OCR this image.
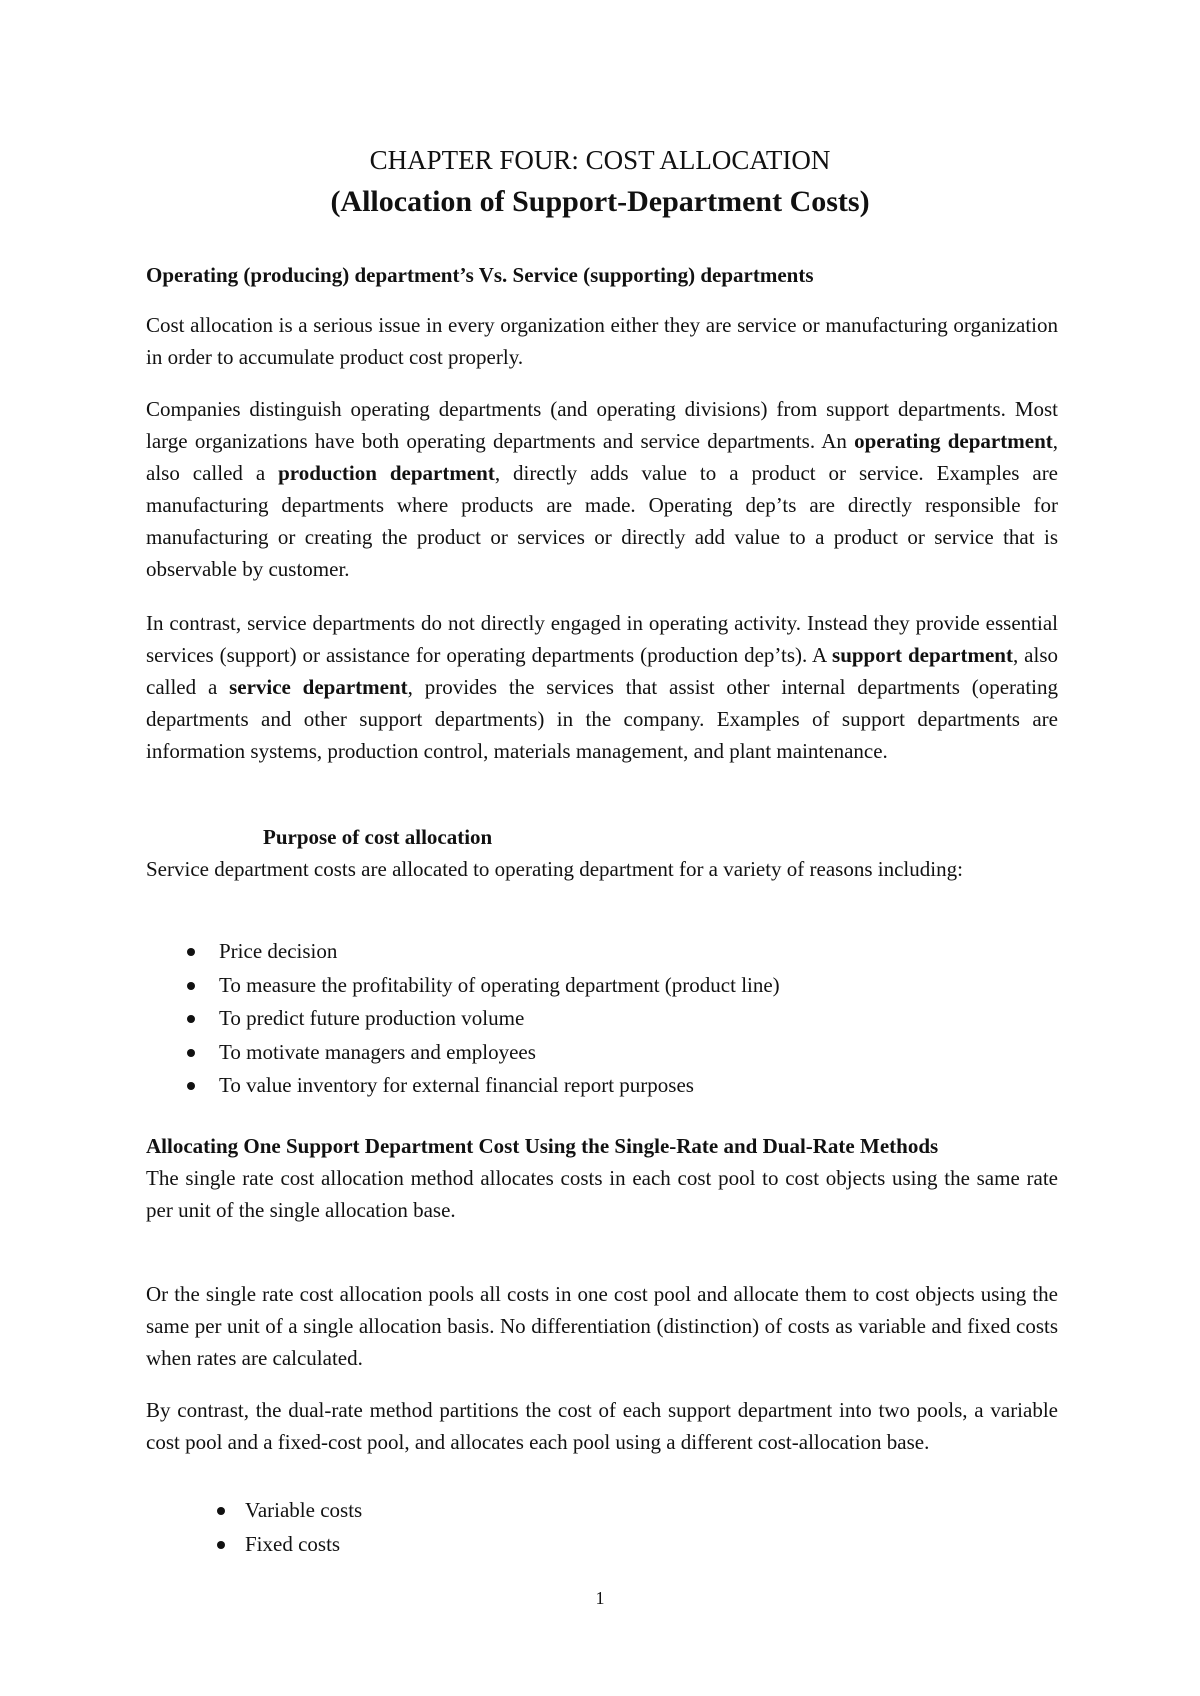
CHAPTER FOUR: COST ALLOCATION
(Allocation of Support-Department Costs)

Operating (producing) department’s Vs. Service (supporting) departments

Cost allocation is a serious issue in every organization either they are service or manufacturing organization in order to accumulate product cost properly.

Companies distinguish operating departments (and operating divisions) from support departments. Most large organizations have both operating departments and service departments. An operating department, also called a production department, directly adds value to a product or service. Examples are manufacturing departments where products are made. Operating dep’ts are directly responsible for manufacturing or creating the product or services or directly add value to a product or service that is observable by customer.

In contrast, service departments do not directly engaged in operating activity. Instead they provide essential services (support) or assistance for operating departments (production dep’ts). A support department, also called a service department, provides the services that assist other internal departments (operating departments and other support departments) in the company. Examples of support departments are information systems, production control, materials management, and plant maintenance.

Purpose of cost allocation

Service department costs are allocated to operating department for a variety of reasons including:

Price decision
To measure the profitability of operating department (product line)
To predict future production volume
To motivate managers and employees
To value inventory for external financial report purposes

Allocating One Support Department Cost Using the Single-Rate and Dual-Rate Methods

The single rate cost allocation method allocates costs in each cost pool to cost objects using the same rate per unit of the single allocation base.

Or the single rate cost allocation pools all costs in one cost pool and allocate them to cost objects using the same per unit of a single allocation basis. No differentiation (distinction) of costs as variable and fixed costs when rates are calculated.

By contrast, the dual-rate method partitions the cost of each support department into two pools, a variable cost pool and a fixed-cost pool, and allocates each pool using a different cost-allocation base.

Variable costs
Fixed costs
1
